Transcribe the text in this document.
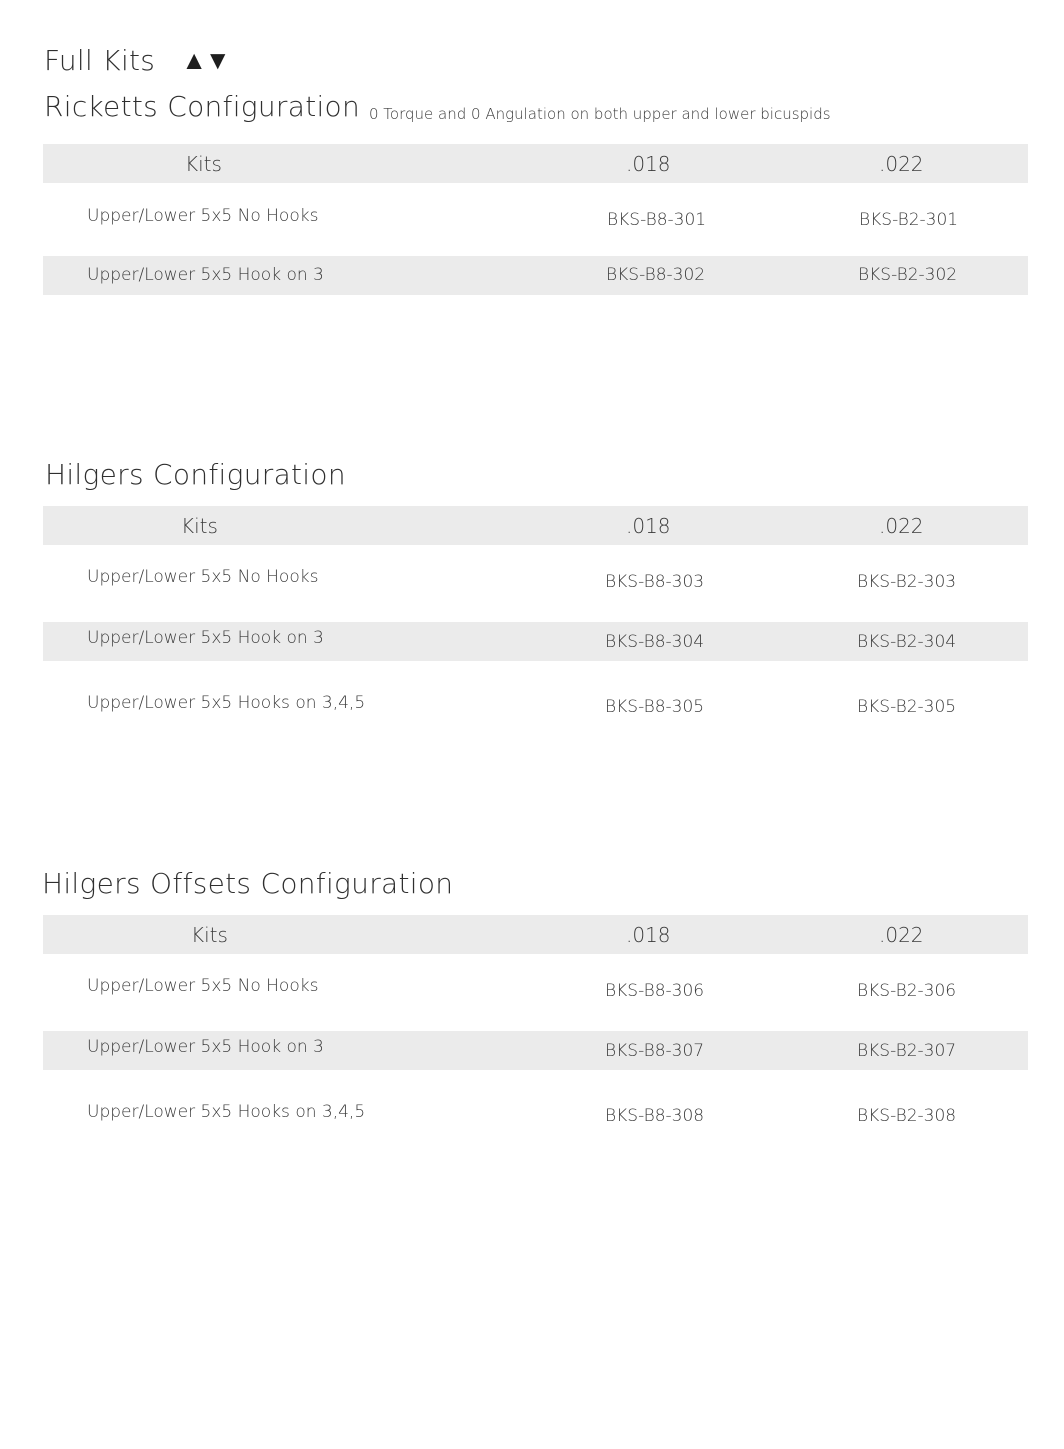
Full Kits ▲▼
Ricketts Configuration 0 Torque and 0 Angulation on both upper and lower bicuspids
Kits	.018	.022
Upper/Lower 5x5 No Hooks	BKS-B8-301	BKS-B2-301
Upper/Lower 5x5 Hook on 3	BKS-B8-302	BKS-B2-302
Hilgers Configuration
Kits	.018	.022
Upper/Lower 5x5 No Hooks	BKS-B8-303	BKS-B2-303
Upper/Lower 5x5 Hook on 3	BKS-B8-304	BKS-B2-304
Upper/Lower 5x5 Hooks on 3,4,5	BKS-B8-305	BKS-B2-305
Hilgers Offsets Configuration
Kits	.018	.022
Upper/Lower 5x5 No Hooks	BKS-B8-306	BKS-B2-306
Upper/Lower 5x5 Hook on 3	BKS-B8-307	BKS-B2-307
Upper/Lower 5x5 Hooks on 3,4,5	BKS-B8-308	BKS-B2-308
